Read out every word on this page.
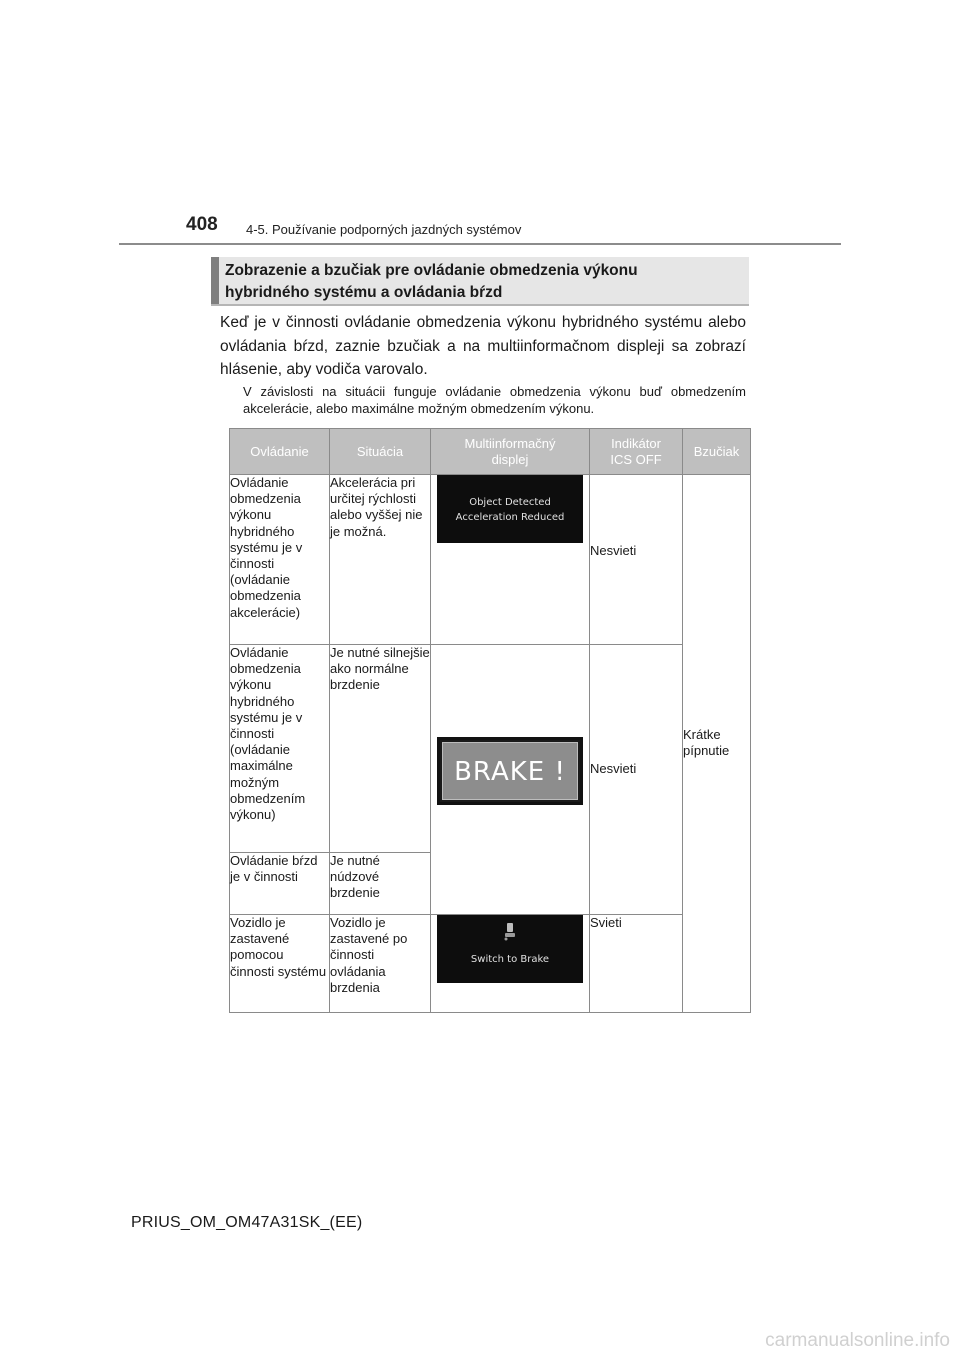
408 4-5. Používanie podporných jazdných systémov
Zobrazenie a bzučiak pre ovládanie obmedzenia výkonu
hybridného systému a ovládania bŕzd

Keď je v činnosti ovládanie obmedzenia výkonu hybridného systému alebo ovládania bŕzd, zaznie bzučiak a na multiinformačnom displeji sa zobrazí hlásenie, aby vodiča varovalo.

V závislosti na situácii funguje ovládanie obmedzenia výkonu buď obmedzením akcelerácie, alebo maximálne možným obmedzením výkonu.

Ovládanie	Situácia	Multiinformačný displej	Indikátor ICS OFF	Bzučiak
Ovládanie obmedzenia výkonu hybridného systému je v činnosti (ovládanie obmedzenia akcelerácie)	Akcelerácia pri určitej rýchlosti alebo vyššej nie je možná.	Object Detected
Acceleration Reduced	Nesvieti	Krátke pípnutie
Ovládanie obmedzenia výkonu hybridného systému je v činnosti (ovládanie maximálne možným obmedzením výkonu)	Je nutné silnejšie ako normálne brzdenie	BRAKE !	Nesvieti	
Ovládanie bŕzd je v činnosti	Je nutné núdzové brzdenie			
Vozidlo je zastavené pomocou činnosti systému	Vozidlo je zastavené po činnosti ovládania brzdenia	Switch to Brake	Svieti	
PRIUS_OM_OM47A31SK_(EE)
carmanualsonline.info
